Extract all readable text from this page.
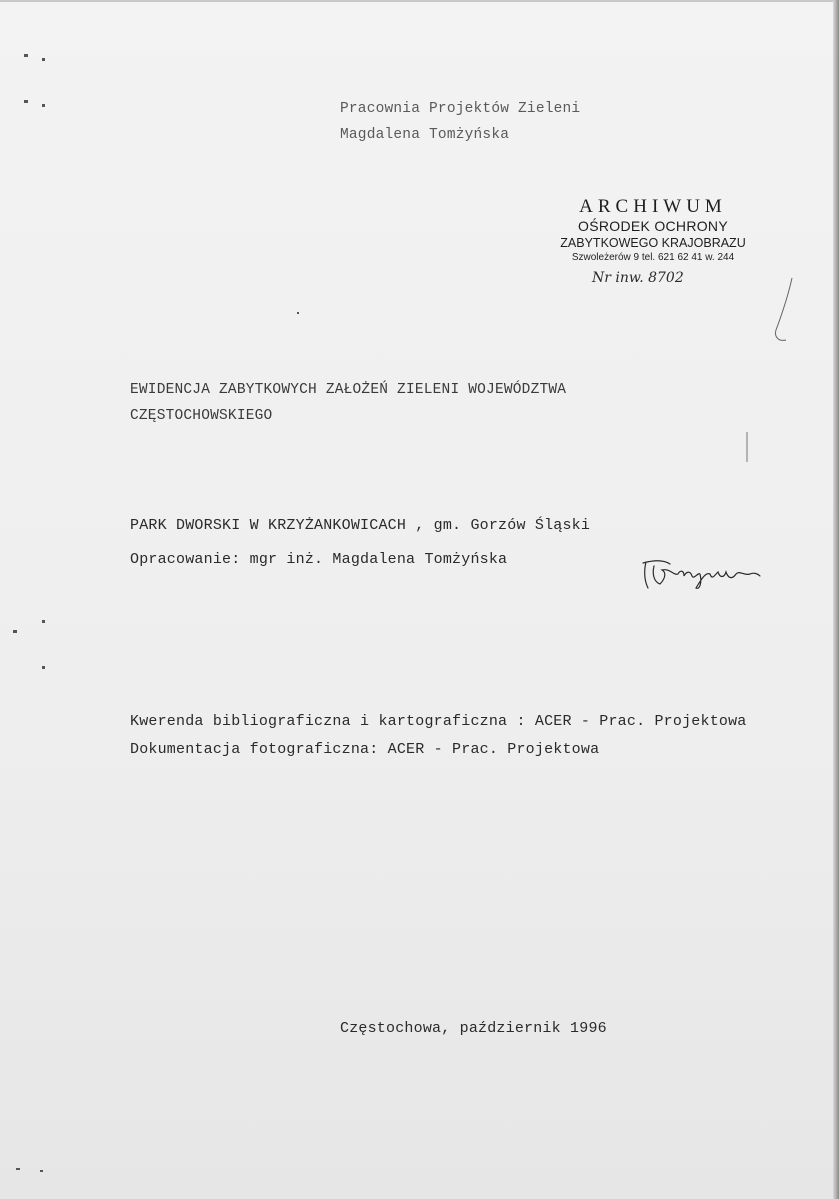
Pracownia Projektów Zieleni
Magdalena Tomżyńska
ARCHIWUM
OŚRODEK OCHRONY
ZABYTKOWEGO KRAJOBRAZU
Szwoleżerów 9 tel. 621 62 41 w. 244
Nr inw. 8702
EWIDENCJA ZABYTKOWYCH ZAŁOŻEŃ ZIELENI WOJEWÓDZTWA
CZĘSTOCHOWSKIEGO
PARK DWORSKI W KRZYŻANKOWICACH , gm. Gorzów Śląski
Opracowanie: mgr inż. Magdalena Tomżyńska
Kwerenda bibliograficzna i kartograficzna : ACER - Prac. Projektowa
Dokumentacja fotograficzna: ACER - Prac. Projektowa
Częstochowa, październik 1996
